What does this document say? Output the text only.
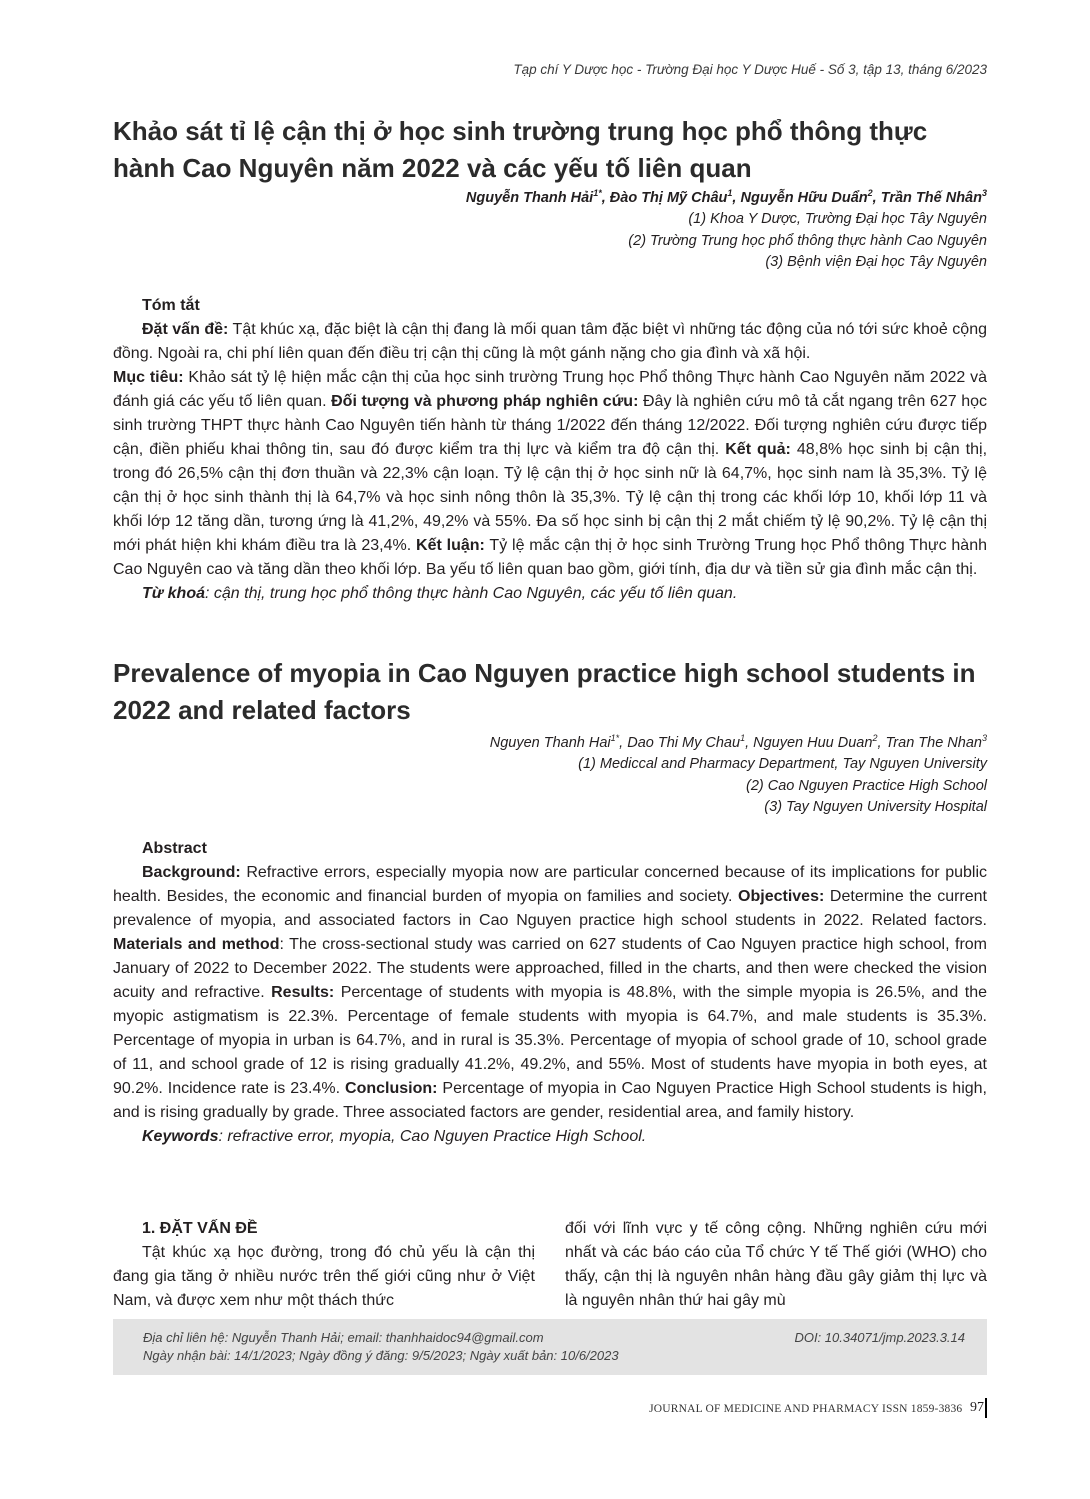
Tạp chí Y Dược học - Trường Đại học Y Dược Huế - Số 3, tập 13, tháng 6/2023
Khảo sát tỉ lệ cận thị ở học sinh trường trung học phổ thông thực
hành Cao Nguyên năm 2022 và các yếu tố liên quan
Nguyễn Thanh Hải$^{1*}$, Đào Thị Mỹ Châu$^1$, Nguyễn Hữu Duẩn$^2$, Trần Thế Nhân$^3$
(1) Khoa Y Dược, Trường Đại học Tây Nguyên
(2) Trường Trung học phổ thông thực hành Cao Nguyên
(3) Bệnh viện Đại học Tây Nguyên
Tóm tắt

Đặt vấn đề: Tật khúc xạ, đặc biệt là cận thị đang là mối quan tâm đặc biệt vì những tác động của nó tới sức khoẻ cộng đồng. Ngoài ra, chi phí liên quan đến điều trị cận thị cũng là một gánh nặng cho gia đình và xã hội.
Mục tiêu: Khảo sát tỷ lệ hiện mắc cận thị của học sinh trường Trung học Phổ thông Thực hành Cao Nguyên năm 2022 và đánh giá các yếu tố liên quan. Đối tượng và phương pháp nghiên cứu: Đây là nghiên cứu mô tả cắt ngang trên 627 học sinh trường THPT thực hành Cao Nguyên tiến hành từ tháng 1/2022 đến tháng 12/2022. Đối tượng nghiên cứu được tiếp cận, điền phiếu khai thông tin, sau đó được kiểm tra thị lực và kiểm tra độ cận thị. Kết quả: 48,8% học sinh bị cận thị, trong đó 26,5% cận thị đơn thuần và 22,3% cận loạn. Tỷ lệ cận thị ở học sinh nữ là 64,7%, học sinh nam là 35,3%. Tỷ lệ cận thị ở học sinh thành thị là 64,7% và học sinh nông thôn là 35,3%. Tỷ lệ cận thị trong các khối lớp 10, khối lớp 11 và khối lớp 12 tăng dần, tương ứng là 41,2%, 49,2% và 55%. Đa số học sinh bị cận thị 2 mắt chiếm tỷ lệ 90,2%. Tỷ lệ cận thị mới phát hiện khi khám điều tra là 23,4%. Kết luận: Tỷ lệ mắc cận thị ở học sinh Trường Trung học Phổ thông Thực hành Cao Nguyên cao và tăng dần theo khối lớp. Ba yếu tố liên quan bao gồm, giới tính, địa dư và tiền sử gia đình mắc cận thị.

Từ khoá: cận thị, trung học phổ thông thực hành Cao Nguyên, các yếu tố liên quan.
Prevalence of myopia in Cao Nguyen practice high school students in
2022 and related factors
Nguyen Thanh Hai$^{1*}$, Dao Thi My Chau$^1$, Nguyen Huu Duan$^2$, Tran The Nhan$^3$
(1) Mediccal and Pharmacy Department, Tay Nguyen University
(2) Cao Nguyen Practice High School
(3) Tay Nguyen University Hospital
Abstract

Background: Refractive errors, especially myopia now are particular concerned because of its implications for public health. Besides, the economic and financial burden of myopia on families and society. Objectives: Determine the current prevalence of myopia, and associated factors in Cao Nguyen practice high school students in 2022. Related factors. Materials and method: The cross-sectional study was carried on 627 students of Cao Nguyen practice high school, from January of 2022 to December 2022. The students were approached, filled in the charts, and then were checked the vision acuity and refractive. Results: Percentage of students with myopia is 48.8%, with the simple myopia is 26.5%, and the myopic astigmatism is 22.3%. Percentage of female students with myopia is 64.7%, and male students is 35.3%. Percentage of myopia in urban is 64.7%, and in rural is 35.3%. Percentage of myopia of school grade of 10, school grade of 11, and school grade of 12 is rising gradually 41.2%, 49.2%, and 55%. Most of students have myopia in both eyes, at 90.2%. Incidence rate is 23.4%. Conclusion: Percentage of myopia in Cao Nguyen Practice High School students is high, and is rising gradually by grade. Three associated factors are gender, residential area, and family history.

Keywords: refractive error, myopia, Cao Nguyen Practice High School.
1. ĐẶT VẤN ĐỀ

Tật khúc xạ học đường, trong đó chủ yếu là cận thị đang gia tăng ở nhiều nước trên thế giới cũng như ở Việt Nam, và được xem như một thách thức

đối với lĩnh vực y tế công cộng. Những nghiên cứu mới nhất và các báo cáo của Tổ chức Y tế Thế giới (WHO) cho thấy, cận thị là nguyên nhân hàng đầu gây giảm thị lực và là nguyên nhân thứ hai gây mù

Địa chỉ liên hệ: Nguyễn Thanh Hải; email: thanhhaidoc94@gmail.com	DOI: 10.34071/jmp.2023.3.14
Ngày nhận bài: 14/1/2023; Ngày đồng ý đăng: 9/5/2023; Ngày xuất bản: 10/6/2023
JOURNAL OF MEDICINE AND PHARMACY ISSN 1859-3836 97
